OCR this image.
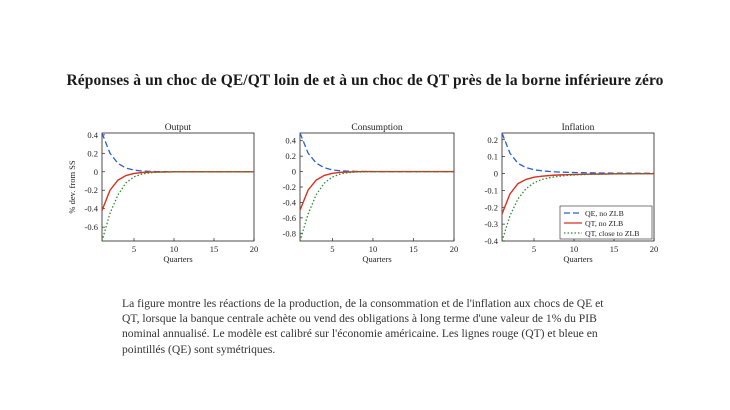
Réponses à un choc de QE/QT loin de et à un choc de QT près de la borne inférieure zéro
0.4
0.2
0
-0.2
-0.4
-0.6
5	10	15	20
Output
Quarters
% dev. from SS
0.4
0.2
0
-0.2
-0.4
-0.6
-0.8
5	10	15	20
Consumption
Quarters
0.2
0.1
0
-0.1
-0.2
-0.3
-0.4
5	10	15	20
Inflation
Quarters
QE, no ZLB
QT, no ZLB
QT, close to ZLB
La figure montre les réactions de la production, de la consommation et de l'inflation aux chocs de QE et QT, lorsque la banque centrale achète ou vend des obligations à long terme d'une valeur de 1% du PIB nominal annualisé. Le modèle est calibré sur l'économie américaine. Les lignes rouge (QT) et bleue en pointillés (QE) sont symétriques.
